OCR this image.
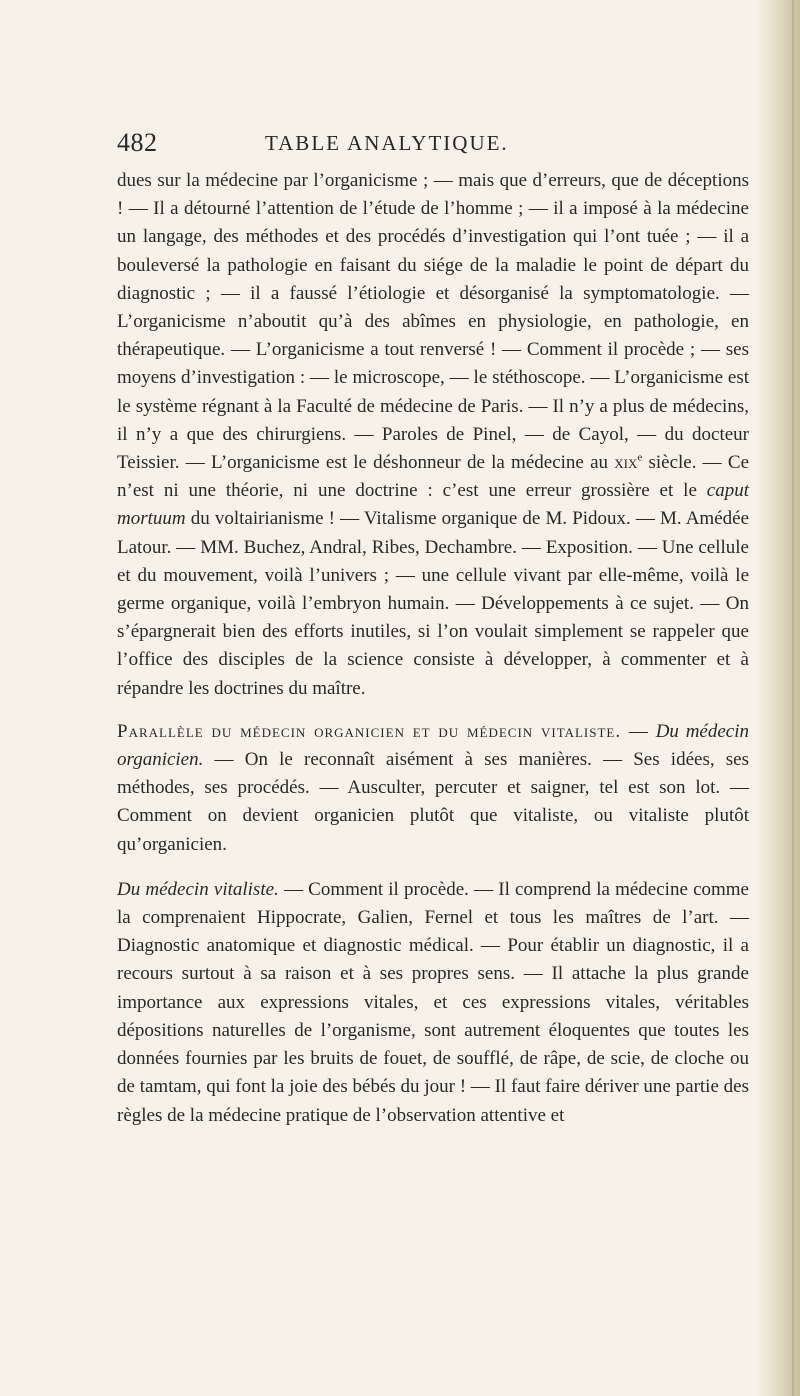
482	TABLE ANALYTIQUE.

dues sur la médecine par l’organicisme ; — mais que d’erreurs, que de déceptions ! — Il a détourné l’attention de l’étude de l’homme ; — il a imposé à la médecine un langage, des méthodes et des procédés d’investigation qui l’ont tuée ; — il a bouleversé la pathologie en faisant du siége de la maladie le point de départ du diagnostic ; — il a faussé l’étiologie et désorganisé la symptomatologie. — L’organicisme n’aboutit qu’à des abîmes en physiologie, en pathologie, en thérapeutique. — L’organicisme a tout renversé ! — Comment il procède ; — ses moyens d’investigation : — le microscope, — le stéthoscope. — L’organicisme est le système régnant à la Faculté de médecine de Paris. — Il n’y a plus de médecins, il n’y a que des chirurgiens. — Paroles de Pinel, — de Cayol, — du docteur Teissier. — L’organicisme est le déshonneur de la médecine au xix$^e$ siècle. — Ce n’est ni une théorie, ni une doctrine : c’est une erreur grossière et le caput mortuum du voltairianisme ! — Vitalisme organique de M. Pidoux. — M. Amédée Latour. — MM. Buchez, Andral, Ribes, Dechambre. — Exposition. — Une cellule et du mouvement, voilà l’univers ; — une cellule vivant par elle-même, voilà le germe organique, voilà l’embryon humain. — Développements à ce sujet. — On s’épargnerait bien des efforts inutiles, si l’on voulait simplement se rappeler que l’office des disciples de la science consiste à développer, à commenter et à répandre les doctrines du maître.

Parallèle du médecin organicien et du médecin vitaliste. — Du médecin organicien. — On le reconnaît aisément à ses manières. — Ses idées, ses méthodes, ses procédés. — Ausculter, percuter et saigner, tel est son lot. — Comment on devient organicien plutôt que vitaliste, ou vitaliste plutôt qu’organicien.

Du médecin vitaliste. — Comment il procède. — Il comprend la médecine comme la comprenaient Hippocrate, Galien, Fernel et tous les maîtres de l’art. — Diagnostic anatomique et diagnostic médical. — Pour établir un diagnostic, il a recours surtout à sa raison et à ses propres sens. — Il attache la plus grande importance aux expressions vitales, et ces expressions vitales, véritables dépositions naturelles de l’organisme, sont autrement éloquentes que toutes les données fournies par les bruits de fouet, de soufflé, de râpe, de scie, de cloche ou de tamtam, qui font la joie des bébés du jour ! — Il faut faire dériver une partie des règles de la médecine pratique de l’observation attentive et
